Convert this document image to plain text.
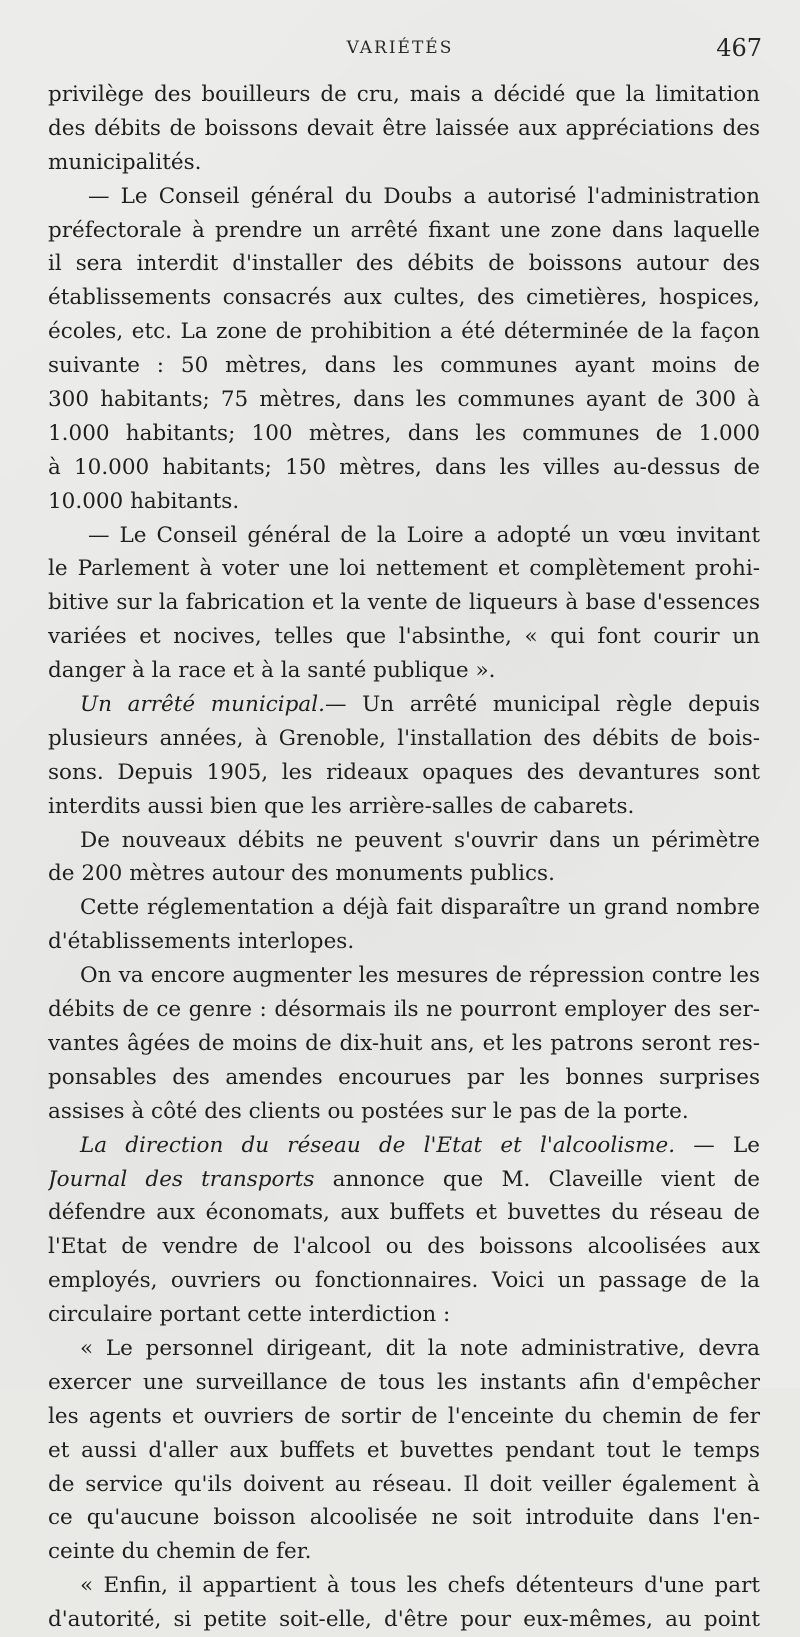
VARIÉTÉS	467
privilège des bouilleurs de cru, mais a décidé que la limitation
des débits de boissons devait être laissée aux appréciations des
municipalités.
— Le Conseil général du Doubs a autorisé l'administration
préfectorale à prendre un arrêté fixant une zone dans laquelle
il sera interdit d'installer des débits de boissons autour des
établissements consacrés aux cultes, des cimetières, hospices,
écoles, etc. La zone de prohibition a été déterminée de la façon
suivante : 50 mètres, dans les communes ayant moins de
300 habitants; 75 mètres, dans les communes ayant de 300 à
1.000 habitants; 100 mètres, dans les communes de 1.000
à 10.000 habitants; 150 mètres, dans les villes au-dessus de
10.000 habitants.
— Le Conseil général de la Loire a adopté un vœu invitant
le Parlement à voter une loi nettement et complètement prohi-
bitive sur la fabrication et la vente de liqueurs à base d'essences
variées et nocives, telles que l'absinthe, « qui font courir un
danger à la race et à la santé publique ».
Un arrêté municipal.— Un arrêté municipal règle depuis
plusieurs années, à Grenoble, l'installation des débits de bois-
sons. Depuis 1905, les rideaux opaques des devantures sont
interdits aussi bien que les arrière-salles de cabarets.
De nouveaux débits ne peuvent s'ouvrir dans un périmètre
de 200 mètres autour des monuments publics.
Cette réglementation a déjà fait disparaître un grand nombre
d'établissements interlopes.
On va encore augmenter les mesures de répression contre les
débits de ce genre : désormais ils ne pourront employer des ser-
vantes âgées de moins de dix-huit ans, et les patrons seront res-
ponsables des amendes encourues par les bonnes surprises
assises à côté des clients ou postées sur le pas de la porte.
La direction du réseau de l'Etat et l'alcoolisme. — Le
Journal des transports annonce que M. Claveille vient de
défendre aux économats, aux buffets et buvettes du réseau de
l'Etat de vendre de l'alcool ou des boissons alcoolisées aux
employés, ouvriers ou fonctionnaires. Voici un passage de la
circulaire portant cette interdiction :
« Le personnel dirigeant, dit la note administrative, devra
exercer une surveillance de tous les instants afin d'empêcher
les agents et ouvriers de sortir de l'enceinte du chemin de fer
et aussi d'aller aux buffets et buvettes pendant tout le temps
de service qu'ils doivent au réseau. Il doit veiller également à
ce qu'aucune boisson alcoolisée ne soit introduite dans l'en-
ceinte du chemin de fer.
« Enfin, il appartient à tous les chefs détenteurs d'une part
d'autorité, si petite soit-elle, d'être pour eux-mêmes, au point
